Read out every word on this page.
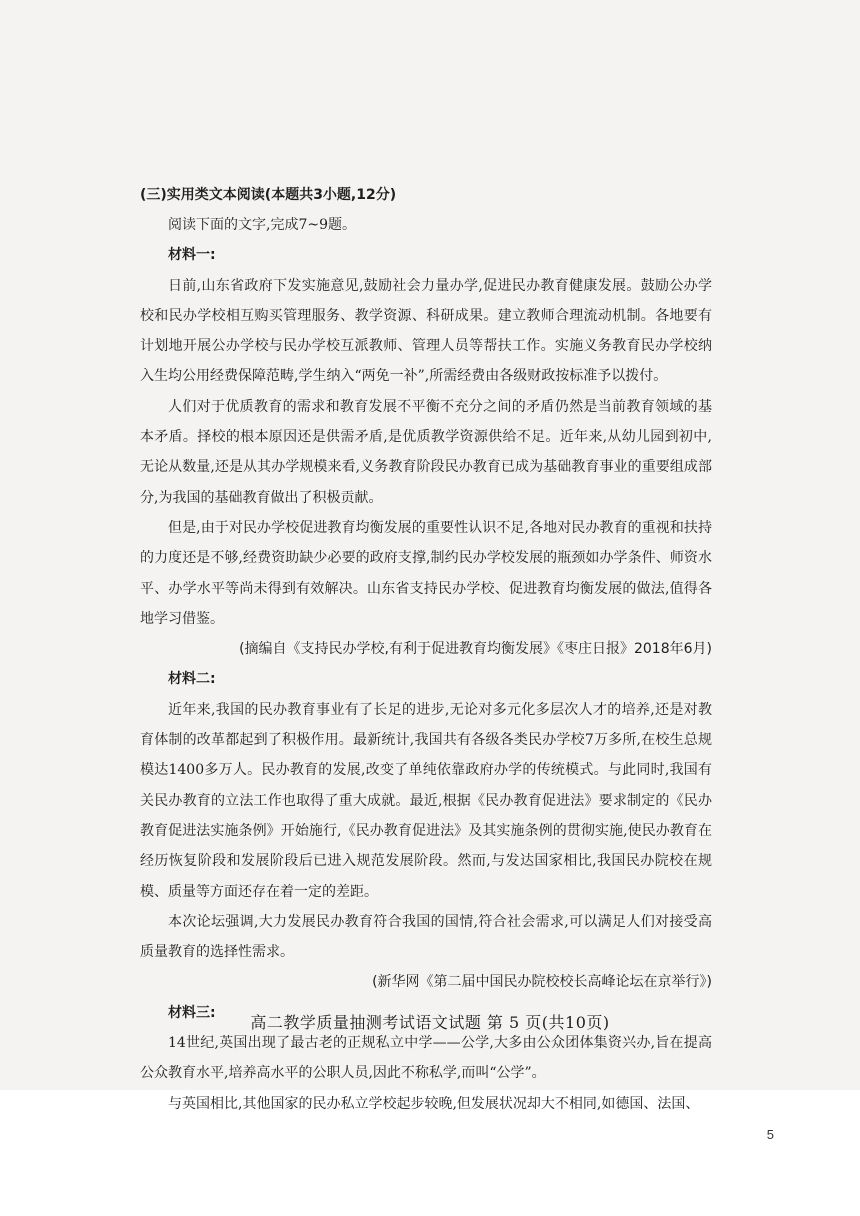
(三)实用类文本阅读(本题共3小题,12分)

阅读下面的文字,完成7~9题。

材料一:

日前,山东省政府下发实施意见,鼓励社会力量办学,促进民办教育健康发展。鼓励公办学校和民办学校相互购买管理服务、教学资源、科研成果。建立教师合理流动机制。各地要有计划地开展公办学校与民办学校互派教师、管理人员等帮扶工作。实施义务教育民办学校纳入生均公用经费保障范畴,学生纳入“两免一补”,所需经费由各级财政按标准予以拨付。

人们对于优质教育的需求和教育发展不平衡不充分之间的矛盾仍然是当前教育领域的基本矛盾。择校的根本原因还是供需矛盾,是优质教学资源供给不足。近年来,从幼儿园到初中,无论从数量,还是从其办学规模来看,义务教育阶段民办教育已成为基础教育事业的重要组成部分,为我国的基础教育做出了积极贡献。

但是,由于对民办学校促进教育均衡发展的重要性认识不足,各地对民办教育的重视和扶持的力度还是不够,经费资助缺少必要的政府支撑,制约民办学校发展的瓶颈如办学条件、师资水平、办学水平等尚未得到有效解决。山东省支持民办学校、促进教育均衡发展的做法,值得各地学习借鉴。

(摘编自《支持民办学校,有利于促进教育均衡发展》《枣庄日报》2018年6月)

材料二:

近年来,我国的民办教育事业有了长足的进步,无论对多元化多层次人才的培养,还是对教育体制的改革都起到了积极作用。最新统计,我国共有各级各类民办学校7万多所,在校生总规模达1400多万人。民办教育的发展,改变了单纯依靠政府办学的传统模式。与此同时,我国有关民办教育的立法工作也取得了重大成就。最近,根据《民办教育促进法》要求制定的《民办教育促进法实施条例》开始施行,《民办教育促进法》及其实施条例的贯彻实施,使民办教育在经历恢复阶段和发展阶段后已进入规范发展阶段。然而,与发达国家相比,我国民办院校在规模、质量等方面还存在着一定的差距。

本次论坛强调,大力发展民办教育符合我国的国情,符合社会需求,可以满足人们对接受高质量教育的选择性需求。

(新华网《第二届中国民办院校校长高峰论坛在京举行》)

材料三:

14世纪,英国出现了最古老的正规私立中学——公学,大多由公众团体集资兴办,旨在提高公众教育水平,培养高水平的公职人员,因此不称私学,而叫“公学”。

与英国相比,其他国家的民办私立学校起步较晚,但发展状况却大不相同,如德国、法国、

高二教学质量抽测考试语文试题 第 5 页(共10页)
5
